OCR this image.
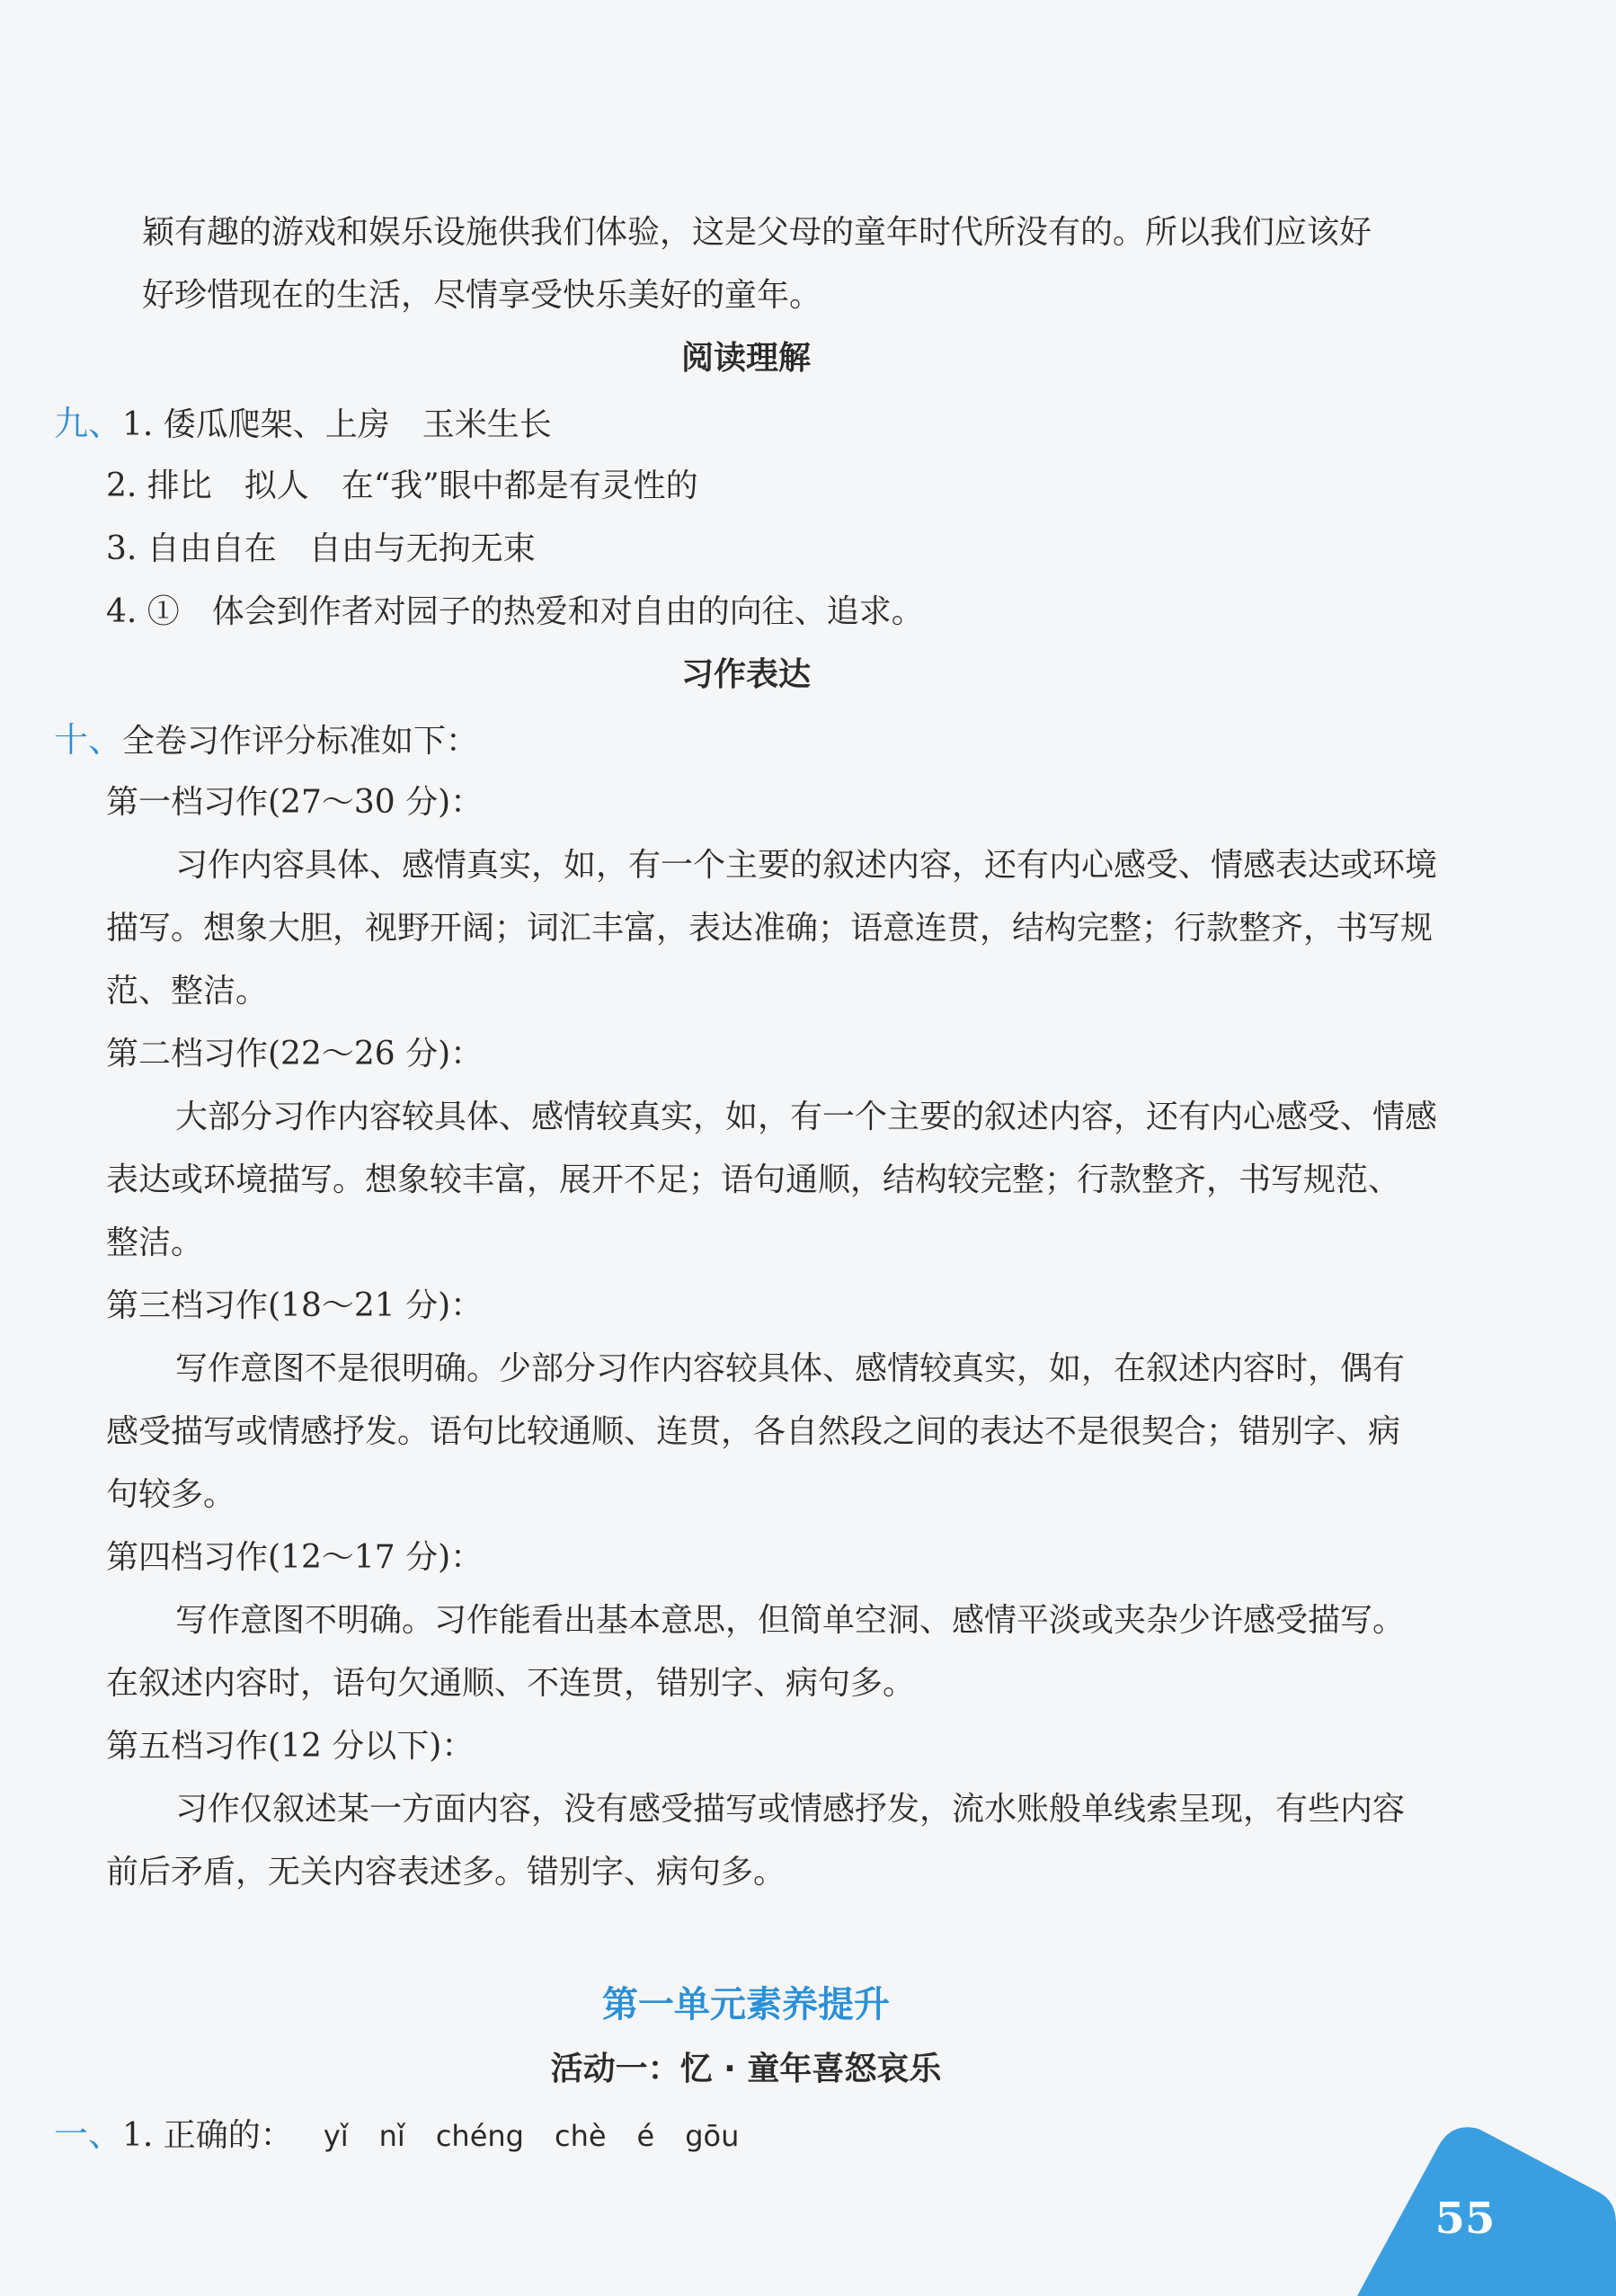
颖有趣的游戏和娱乐设施供我们体验，这是父母的童年时代所没有的。所以我们应该好
好珍惜现在的生活，尽情享受快乐美好的童年。
阅读理解
九、1. 倭瓜爬架、上房　玉米生长
2. 排比　拟人　在“我”眼中都是有灵性的
3. 自由自在　自由与无拘无束
4. ①　体会到作者对园子的热爱和对自由的向往、追求。
习作表达
十、全卷习作评分标准如下：
第一档习作(27～30 分)：
习作内容具体、感情真实，如，有一个主要的叙述内容，还有内心感受、情感表达或环境
描写。想象大胆，视野开阔；词汇丰富，表达准确；语意连贯，结构完整；行款整齐，书写规
范、整洁。
第二档习作(22～26 分)：
大部分习作内容较具体、感情较真实，如，有一个主要的叙述内容，还有内心感受、情感
表达或环境描写。想象较丰富，展开不足；语句通顺，结构较完整；行款整齐，书写规范、
整洁。
第三档习作(18～21 分)：
写作意图不是很明确。少部分习作内容较具体、感情较真实，如，在叙述内容时，偶有
感受描写或情感抒发。语句比较通顺、连贯，各自然段之间的表达不是很契合；错别字、病
句较多。
第四档习作(12～17 分)：
写作意图不明确。习作能看出基本意思，但简单空洞、感情平淡或夹杂少许感受描写。
在叙述内容时，语句欠通顺、不连贯，错别字、病句多。
第五档习作(12 分以下)：
习作仅叙述某一方面内容，没有感受描写或情感抒发，流水账般单线索呈现，有些内容
前后矛盾，无关内容表述多。错别字、病句多。
第一单元素养提升
活动一：忆 · 童年喜怒哀乐
一、1. 正确的： yǐ nǐ chéng chè é gōu
55
